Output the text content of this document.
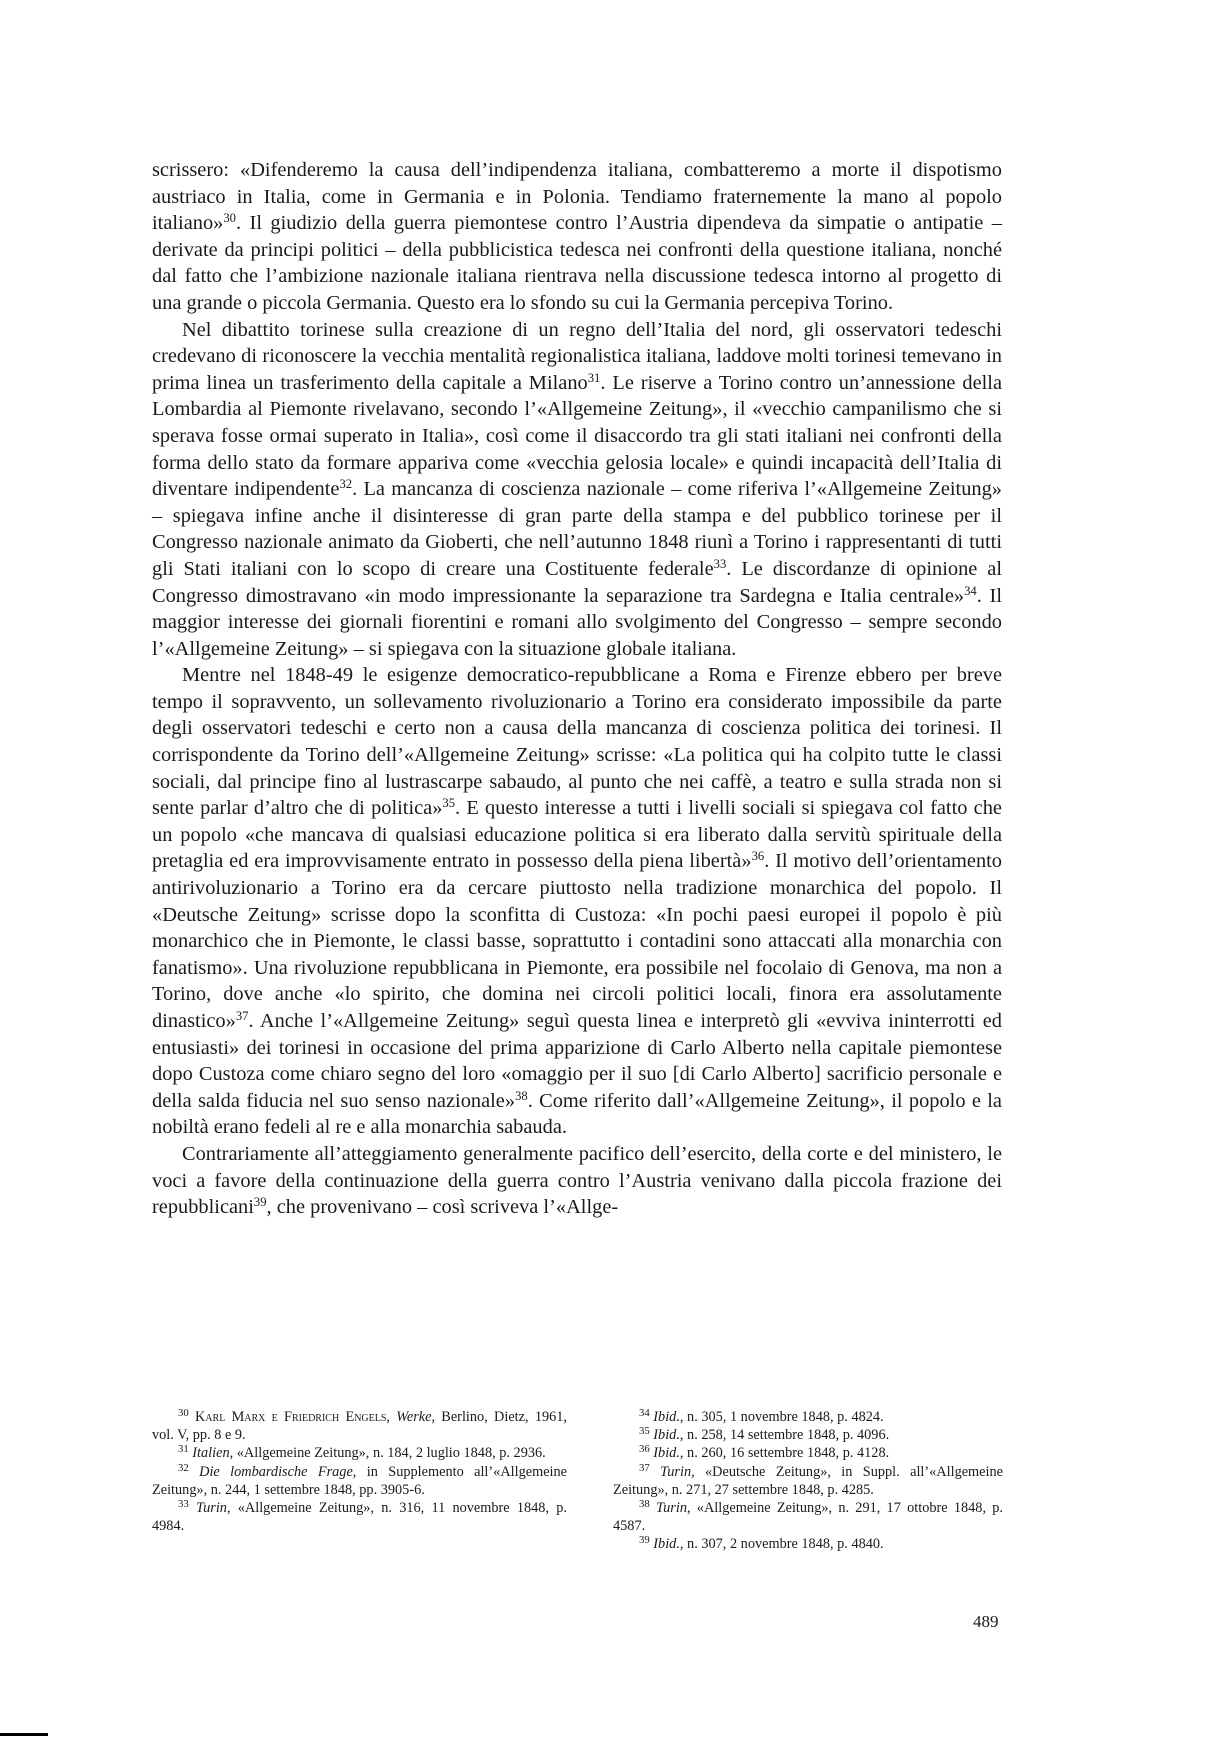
scrissero: «Difenderemo la causa dell’indipendenza italiana, combatteremo a morte il dispotismo austriaco in Italia, come in Germania e in Polonia. Tendiamo fraternemente la mano al popolo italiano»$^{30}$. Il giudizio della guerra piemontese contro l’Austria dipendeva da simpatie o antipatie – derivate da principi politici – della pubblicistica tedesca nei confronti della questione italiana, nonché dal fatto che l’ambizione nazionale italiana rientrava nella discussione tedesca intorno al progetto di una grande o piccola Germania. Questo era lo sfondo su cui la Germania percepiva Torino.

Nel dibattito torinese sulla creazione di un regno dell’Italia del nord, gli osservatori tedeschi credevano di riconoscere la vecchia mentalità regionalistica italiana, laddove molti torinesi temevano in prima linea un trasferimento della capitale a Milano$^{31}$. Le riserve a Torino contro un’annessione della Lombardia al Piemonte rivelavano, secondo l’«Allgemeine Zeitung», il «vecchio campanilismo che si sperava fosse ormai superato in Italia», così come il disaccordo tra gli stati italiani nei confronti della forma dello stato da formare appariva come «vecchia gelosia locale» e quindi incapacità dell’Italia di diventare indipendente$^{32}$. La mancanza di coscienza nazionale – come riferiva l’«Allgemeine Zeitung» – spiegava infine anche il disinteresse di gran parte della stampa e del pubblico torinese per il Congresso nazionale animato da Gioberti, che nell’autunno 1848 riunì a Torino i rappresentanti di tutti gli Stati italiani con lo scopo di creare una Costituente federale$^{33}$. Le discordanze di opinione al Congresso dimostravano «in modo impressionante la separazione tra Sardegna e Italia centrale»$^{34}$. Il maggior interesse dei giornali fiorentini e romani allo svolgimento del Congresso – sempre secondo l’«Allgemeine Zeitung» – si spiegava con la situazione globale italiana.

Mentre nel 1848-49 le esigenze democratico-repubblicane a Roma e Firenze ebbero per breve tempo il sopravvento, un sollevamento rivoluzionario a Torino era considerato impossibile da parte degli osservatori tedeschi e certo non a causa della mancanza di coscienza politica dei torinesi. Il corrispondente da Torino dell’«Allgemeine Zeitung» scrisse: «La politica qui ha colpito tutte le classi sociali, dal principe fino al lustrascarpe sabaudo, al punto che nei caffè, a teatro e sulla strada non si sente parlar d’altro che di politica»$^{35}$. E questo interesse a tutti i livelli sociali si spiegava col fatto che un popolo «che mancava di qualsiasi educazione politica si era liberato dalla servitù spirituale della pretaglia ed era improvvisamente entrato in possesso della piena libertà»$^{36}$. Il motivo dell’orientamento antirivoluzionario a Torino era da cercare piuttosto nella tradizione monarchica del popolo. Il «Deutsche Zeitung» scrisse dopo la sconfitta di Custoza: «In pochi paesi europei il popolo è più monarchico che in Piemonte, le classi basse, soprattutto i contadini sono attaccati alla monarchia con fanatismo». Una rivoluzione repubblicana in Piemonte, era possibile nel focolaio di Genova, ma non a Torino, dove anche «lo spirito, che domina nei circoli politici locali, finora era assolutamente dinastico»$^{37}$. Anche l’«Allgemeine Zeitung» seguì questa linea e interpretò gli «evviva ininterrotti ed entusiasti» dei torinesi in occasione del prima apparizione di Carlo Alberto nella capitale piemontese dopo Custoza come chiaro segno del loro «omaggio per il suo [di Carlo Alberto] sacrificio personale e della salda fiducia nel suo senso nazionale»$^{38}$. Come riferito dall’«Allgemeine Zeitung», il popolo e la nobiltà erano fedeli al re e alla monarchia sabauda.

Contrariamente all’atteggiamento generalmente pacifico dell’esercito, della corte e del ministero, le voci a favore della continuazione della guerra contro l’Austria venivano dalla piccola frazione dei repubblicani$^{39}$, che provenivano – così scriveva l’«Allge-

$^{30}$ Karl Marx e Friedrich Engels, Werke, Berlino, Dietz, 1961, vol. V, pp. 8 e 9.

$^{31}$ Italien, «Allgemeine Zeitung», n. 184, 2 luglio 1848, p. 2936.

$^{32}$ Die lombardische Frage, in Supplemento all’«Allgemeine Zeitung», n. 244, 1 settembre 1848, pp. 3905-6.

$^{33}$ Turin, «Allgemeine Zeitung», n. 316, 11 novembre 1848, p. 4984.

$^{34}$ Ibid., n. 305, 1 novembre 1848, p. 4824.

$^{35}$ Ibid., n. 258, 14 settembre 1848, p. 4096.

$^{36}$ Ibid., n. 260, 16 settembre 1848, p. 4128.

$^{37}$ Turin, «Deutsche Zeitung», in Suppl. all’«Allgemeine Zeitung», n. 271, 27 settembre 1848, p. 4285.

$^{38}$ Turin, «Allgemeine Zeitung», n. 291, 17 ottobre 1848, p. 4587.

$^{39}$ Ibid., n. 307, 2 novembre 1848, p. 4840.

489
